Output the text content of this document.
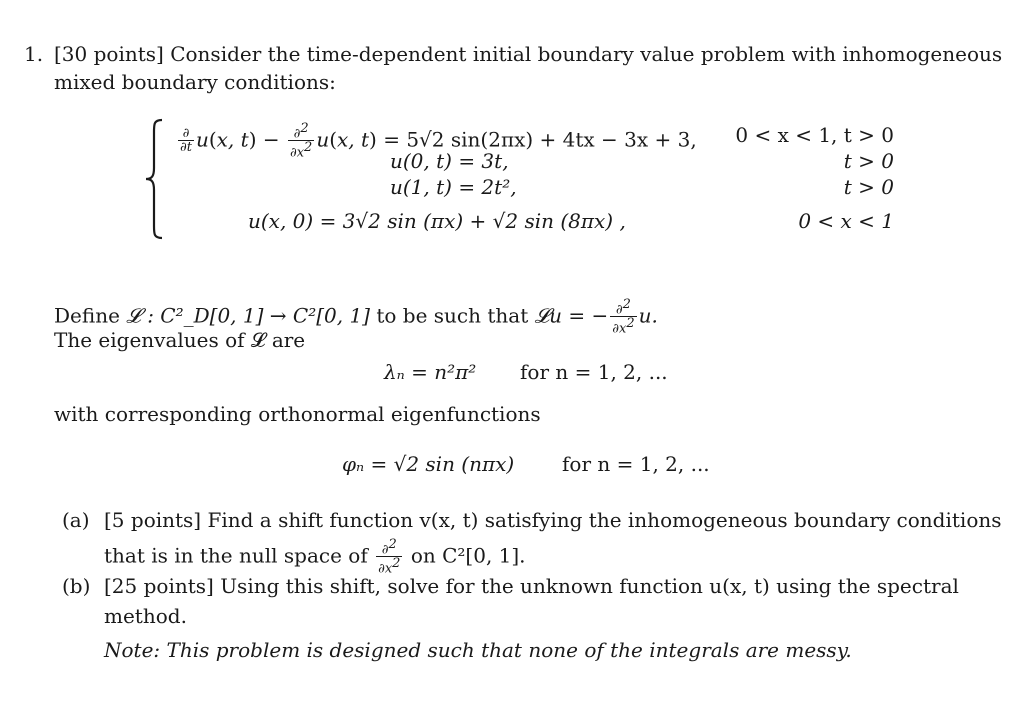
1. [30 points] Consider the time-dependent initial boundary value problem with inhomogeneous
mixed boundary conditions:
$\frac{\partial}{\partial t} u(x$, $t) - \frac{\partial^2}{\partial x^2} u(x$, t) = 5√2 sin(2πx) + 4tx − 3x + 3, 0 < x < 1, t > 0
u(0, t) = 3t,	t > 0
u(1, t) = 2t²,	t > 0
u(x, 0) = 3√2 sin (πx) + √2 sin (8πx) ,	0 < x < 1
Define 𝓛 : C²_D[0, 1] → C²[0, 1] to be such that 𝓛u = − $\frac{\partial^2}{\partial x^2} u$.
The eigenvalues of 𝓛 are
λₙ = n²π² for n = 1, 2, ...
with corresponding orthonormal eigenfunctions
φₙ = √2 sin (nπx) for n = 1, 2, ...
(a) [5 points] Find a shift function v(x, t) satisfying the inhomogeneous boundary conditions
that is in the null space of $\frac{\partial^2}{\partial x^2}$ on C²[0, 1].
(b) [25 points] Using this shift, solve for the unknown function u(x, t) using the spectral
method.
Note: This problem is designed such that none of the integrals are messy.
